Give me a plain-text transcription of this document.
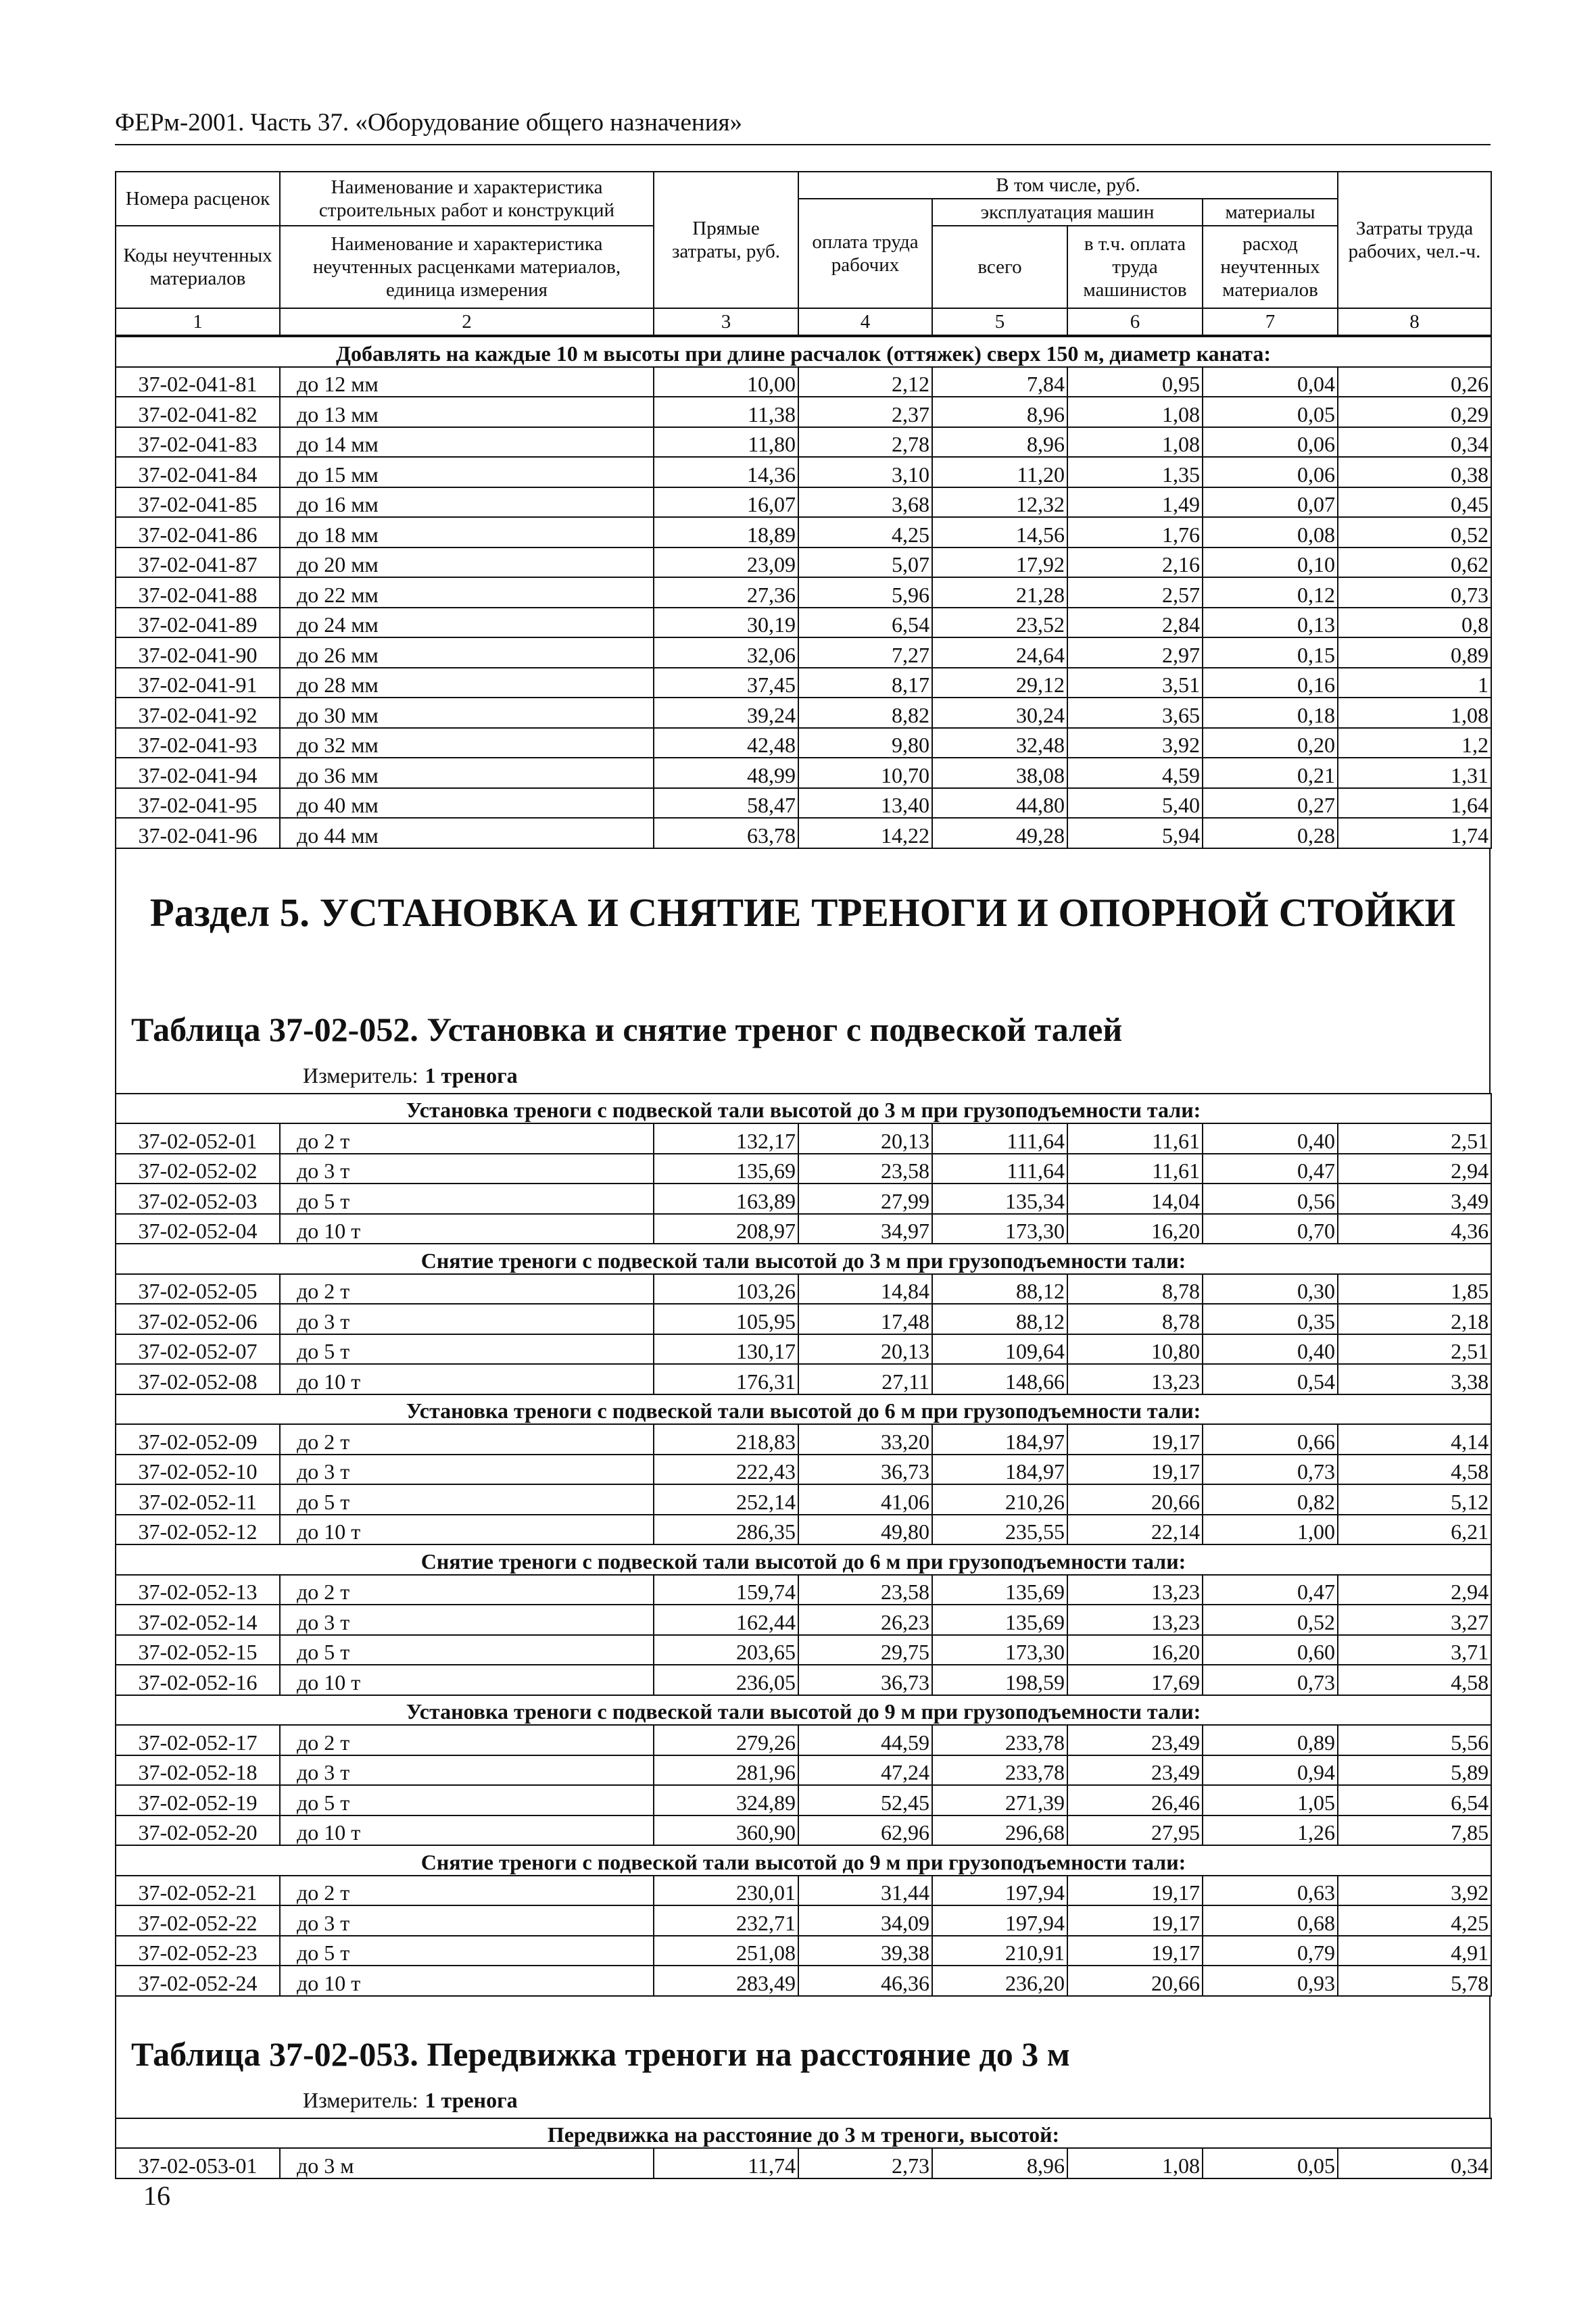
ФЕРм-2001. Часть 37. «Оборудование общего назначения»
Номера расценок	Наименование и характеристика строительных работ и конструкций	Прямые затраты, руб.	В том числе, руб.				Затраты труда рабочих, чел.-ч.
			оплата труда рабочих	эксплуатация машин		материалы	
Коды неучтенных материалов	Наименование и характеристика неучтенных расценками материалов, единица измерения			всего	в т.ч. оплата труда машинистов	расход неучтенных материалов	

1	2	3	4	5	6	7	8
Добавлять на каждые 10 м высоты при длине расчалок (оттяжек) сверх 150 м, диаметр каната:							
37-02-041-81	до 12 мм	10,00	2,12	7,84	0,95	0,04	0,26
37-02-041-82	до 13 мм	11,38	2,37	8,96	1,08	0,05	0,29
37-02-041-83	до 14 мм	11,80	2,78	8,96	1,08	0,06	0,34
37-02-041-84	до 15 мм	14,36	3,10	11,20	1,35	0,06	0,38
37-02-041-85	до 16 мм	16,07	3,68	12,32	1,49	0,07	0,45
37-02-041-86	до 18 мм	18,89	4,25	14,56	1,76	0,08	0,52
37-02-041-87	до 20 мм	23,09	5,07	17,92	2,16	0,10	0,62
37-02-041-88	до 22 мм	27,36	5,96	21,28	2,57	0,12	0,73
37-02-041-89	до 24 мм	30,19	6,54	23,52	2,84	0,13	0,8
37-02-041-90	до 26 мм	32,06	7,27	24,64	2,97	0,15	0,89
37-02-041-91	до 28 мм	37,45	8,17	29,12	3,51	0,16	1
37-02-041-92	до 30 мм	39,24	8,82	30,24	3,65	0,18	1,08
37-02-041-93	до 32 мм	42,48	9,80	32,48	3,92	0,20	1,2
37-02-041-94	до 36 мм	48,99	10,70	38,08	4,59	0,21	1,31
37-02-041-95	до 40 мм	58,47	13,40	44,80	5,40	0,27	1,64
37-02-041-96	до 44 мм	63,78	14,22	49,28	5,94	0,28	1,74
Раздел 5. УСТАНОВКА И СНЯТИЕ ТРЕНОГИ И ОПОРНОЙ СТОЙКИ
Таблица 37-02-052. Установка и снятие треног с подвеской талей
Измеритель: 1 тренога
Установка треноги с подвеской тали высотой до 3 м при грузоподъемности тали:							
37-02-052-01	до 2 т	132,17	20,13	111,64	11,61	0,40	2,51
37-02-052-02	до 3 т	135,69	23,58	111,64	11,61	0,47	2,94
37-02-052-03	до 5 т	163,89	27,99	135,34	14,04	0,56	3,49
37-02-052-04	до 10 т	208,97	34,97	173,30	16,20	0,70	4,36
Снятие треноги с подвеской тали высотой до 3 м при грузоподъемности тали:							
37-02-052-05	до 2 т	103,26	14,84	88,12	8,78	0,30	1,85
37-02-052-06	до 3 т	105,95	17,48	88,12	8,78	0,35	2,18
37-02-052-07	до 5 т	130,17	20,13	109,64	10,80	0,40	2,51
37-02-052-08	до 10 т	176,31	27,11	148,66	13,23	0,54	3,38
Установка треноги с подвеской тали высотой до 6 м при грузоподъемности тали:							
37-02-052-09	до 2 т	218,83	33,20	184,97	19,17	0,66	4,14
37-02-052-10	до 3 т	222,43	36,73	184,97	19,17	0,73	4,58
37-02-052-11	до 5 т	252,14	41,06	210,26	20,66	0,82	5,12
37-02-052-12	до 10 т	286,35	49,80	235,55	22,14	1,00	6,21
Снятие треноги с подвеской тали высотой до 6 м при грузоподъемности тали:							
37-02-052-13	до 2 т	159,74	23,58	135,69	13,23	0,47	2,94
37-02-052-14	до 3 т	162,44	26,23	135,69	13,23	0,52	3,27
37-02-052-15	до 5 т	203,65	29,75	173,30	16,20	0,60	3,71
37-02-052-16	до 10 т	236,05	36,73	198,59	17,69	0,73	4,58
Установка треноги с подвеской тали высотой до 9 м при грузоподъемности тали:							
37-02-052-17	до 2 т	279,26	44,59	233,78	23,49	0,89	5,56
37-02-052-18	до 3 т	281,96	47,24	233,78	23,49	0,94	5,89
37-02-052-19	до 5 т	324,89	52,45	271,39	26,46	1,05	6,54
37-02-052-20	до 10 т	360,90	62,96	296,68	27,95	1,26	7,85
Снятие треноги с подвеской тали высотой до 9 м при грузоподъемности тали:							
37-02-052-21	до 2 т	230,01	31,44	197,94	19,17	0,63	3,92
37-02-052-22	до 3 т	232,71	34,09	197,94	19,17	0,68	4,25
37-02-052-23	до 5 т	251,08	39,38	210,91	19,17	0,79	4,91
37-02-052-24	до 10 т	283,49	46,36	236,20	20,66	0,93	5,78
Таблица 37-02-053. Передвижка треноги на расстояние до 3 м
Измеритель: 1 тренога
Передвижка на расстояние до 3 м треноги, высотой:
37-02-053-01	до 3 м	11,74	2,73	8,96	1,08	0,05	0,34
16
